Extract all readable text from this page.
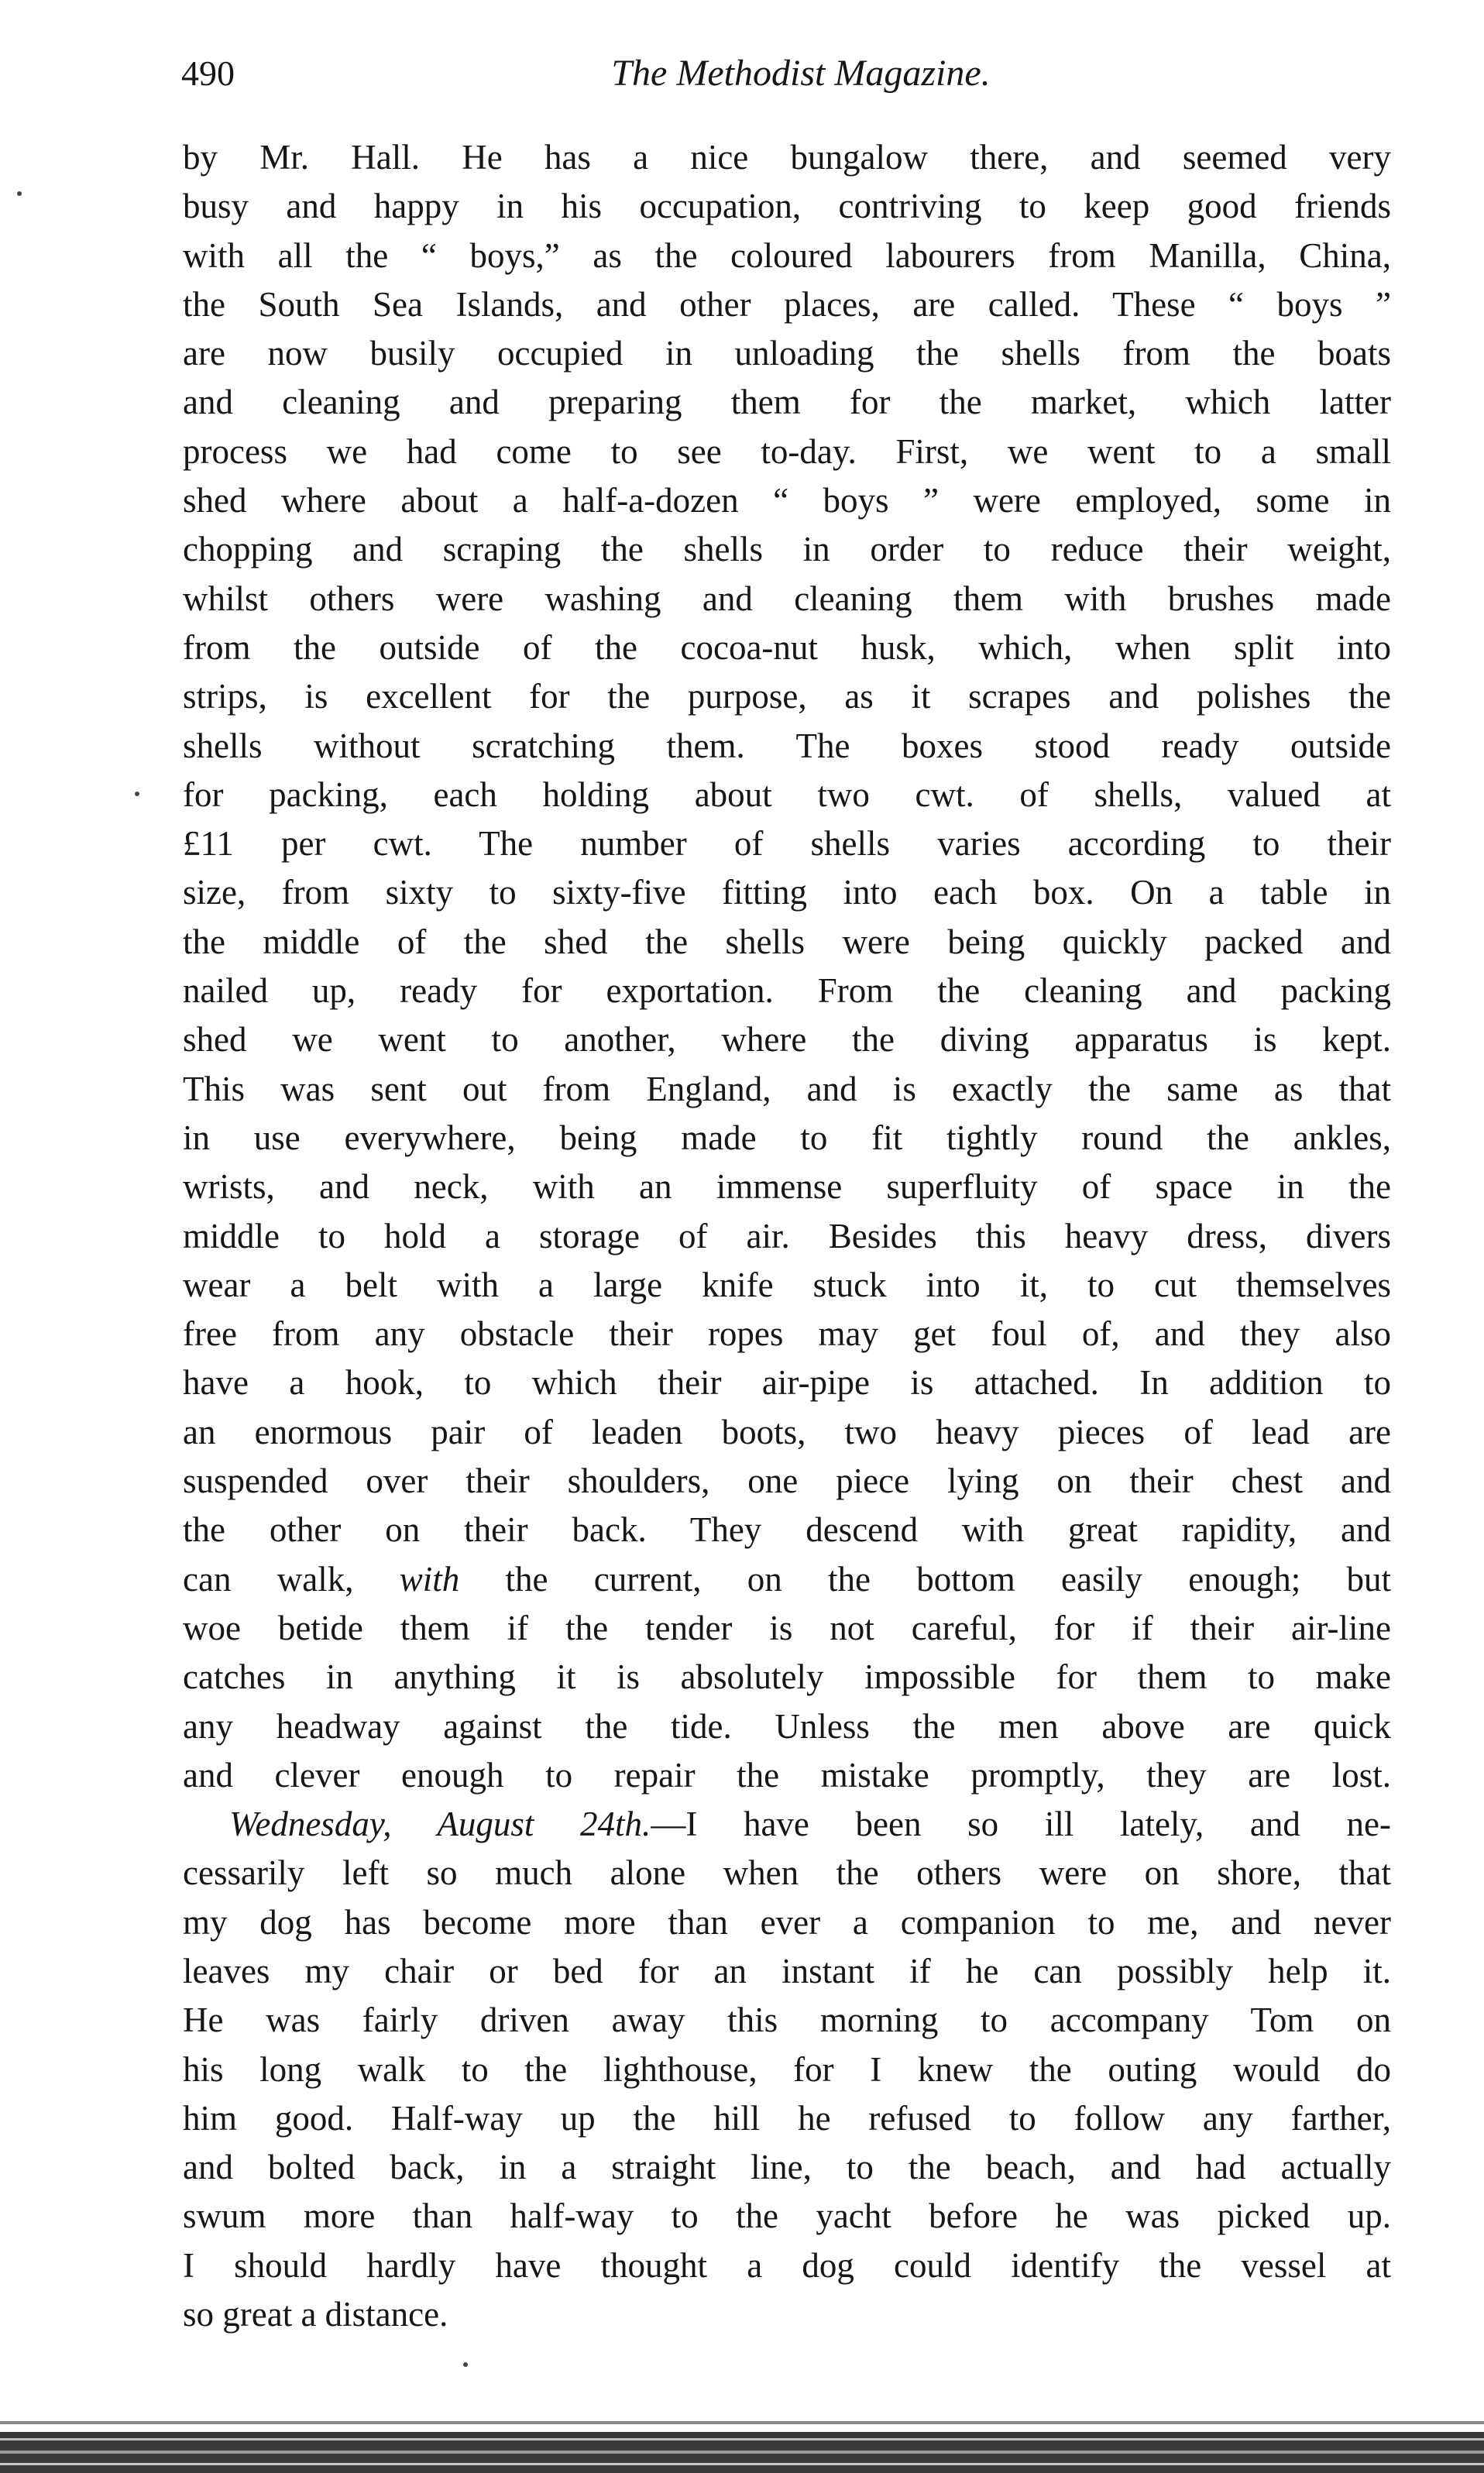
490	The Methodist Magazine.
by Mr. Hall. He has a nice bungalow there, and seemed very
busy and happy in his occupation, contriving to keep good friends
with all the “ boys,” as the coloured labourers from Manilla, China,
the South Sea Islands, and other places, are called. These “ boys ”
are now busily occupied in unloading the shells from the boats
and cleaning and preparing them for the market, which latter
process we had come to see to-day. First, we went to a small
shed where about a half-a-dozen “ boys ” were employed, some in
chopping and scraping the shells in order to reduce their weight,
whilst others were washing and cleaning them with brushes made
from the outside of the cocoa-nut husk, which, when split into
strips, is excellent for the purpose, as it scrapes and polishes the
shells without scratching them. The boxes stood ready outside
for packing, each holding about two cwt. of shells, valued at
£11 per cwt. The number of shells varies according to their
size, from sixty to sixty-five fitting into each box. On a table in
the middle of the shed the shells were being quickly packed and
nailed up, ready for exportation. From the cleaning and packing
shed we went to another, where the diving apparatus is kept.
This was sent out from England, and is exactly the same as that
in use everywhere, being made to fit tightly round the ankles,
wrists, and neck, with an immense superfluity of space in the
middle to hold a storage of air. Besides this heavy dress, divers
wear a belt with a large knife stuck into it, to cut themselves
free from any obstacle their ropes may get foul of, and they also
have a hook, to which their air-pipe is attached. In addition to
an enormous pair of leaden boots, two heavy pieces of lead are
suspended over their shoulders, one piece lying on their chest and
the other on their back. They descend with great rapidity, and
can walk, with the current, on the bottom easily enough; but
woe betide them if the tender is not careful, for if their air-line
catches in anything it is absolutely impossible for them to make
any headway against the tide. Unless the men above are quick
and clever enough to repair the mistake promptly, they are lost.
Wednesday, August 24th.—I have been so ill lately, and ne-
cessarily left so much alone when the others were on shore, that
my dog has become more than ever a companion to me, and never
leaves my chair or bed for an instant if he can possibly help it.
He was fairly driven away this morning to accompany Tom on
his long walk to the lighthouse, for I knew the outing would do
him good. Half-way up the hill he refused to follow any farther,
and bolted back, in a straight line, to the beach, and had actually
swum more than half-way to the yacht before he was picked up.
I should hardly have thought a dog could identify the vessel at
so great a distance.
